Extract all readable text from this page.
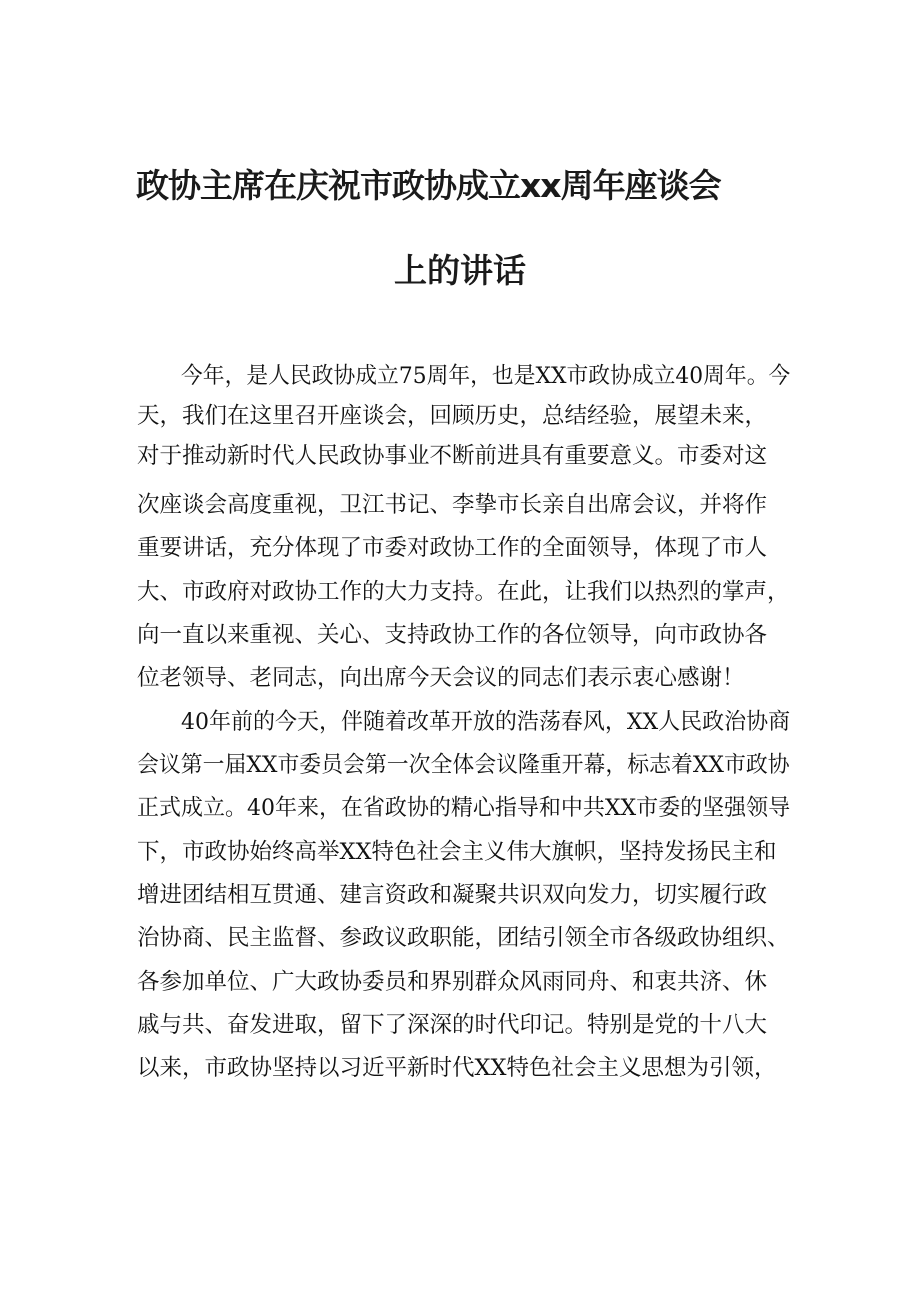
政协主席在庆祝市政协成立xx周年座谈会
上的讲话
今年，是人民政协成立75周年，也是XX市政协成立40周年。今
天，我们在这里召开座谈会，回顾历史，总结经验，展望未来，
对于推动新时代人民政协事业不断前进具有重要意义。市委对这
次座谈会高度重视，卫江书记、李挚市长亲自出席会议，并将作
重要讲话，充分体现了市委对政协工作的全面领导，体现了市人
大、市政府对政协工作的大力支持。在此，让我们以热烈的掌声，
向一直以来重视、关心、支持政协工作的各位领导，向市政协各
位老领导、老同志，向出席今天会议的同志们表示衷心感谢！
40年前的今天，伴随着改革开放的浩荡春风，XX人民政治协商
会议第一届XX市委员会第一次全体会议隆重开幕，标志着XX市政协
正式成立。40年来，在省政协的精心指导和中共XX市委的坚强领导
下，市政协始终高举XX特色社会主义伟大旗帜，坚持发扬民主和
增进团结相互贯通、建言资政和凝聚共识双向发力，切实履行政
治协商、民主监督、参政议政职能，团结引领全市各级政协组织、
各参加单位、广大政协委员和界别群众风雨同舟、和衷共济、休
戚与共、奋发进取，留下了深深的时代印记。特别是党的十八大
以来，市政协坚持以习近平新时代XX特色社会主义思想为引领，
